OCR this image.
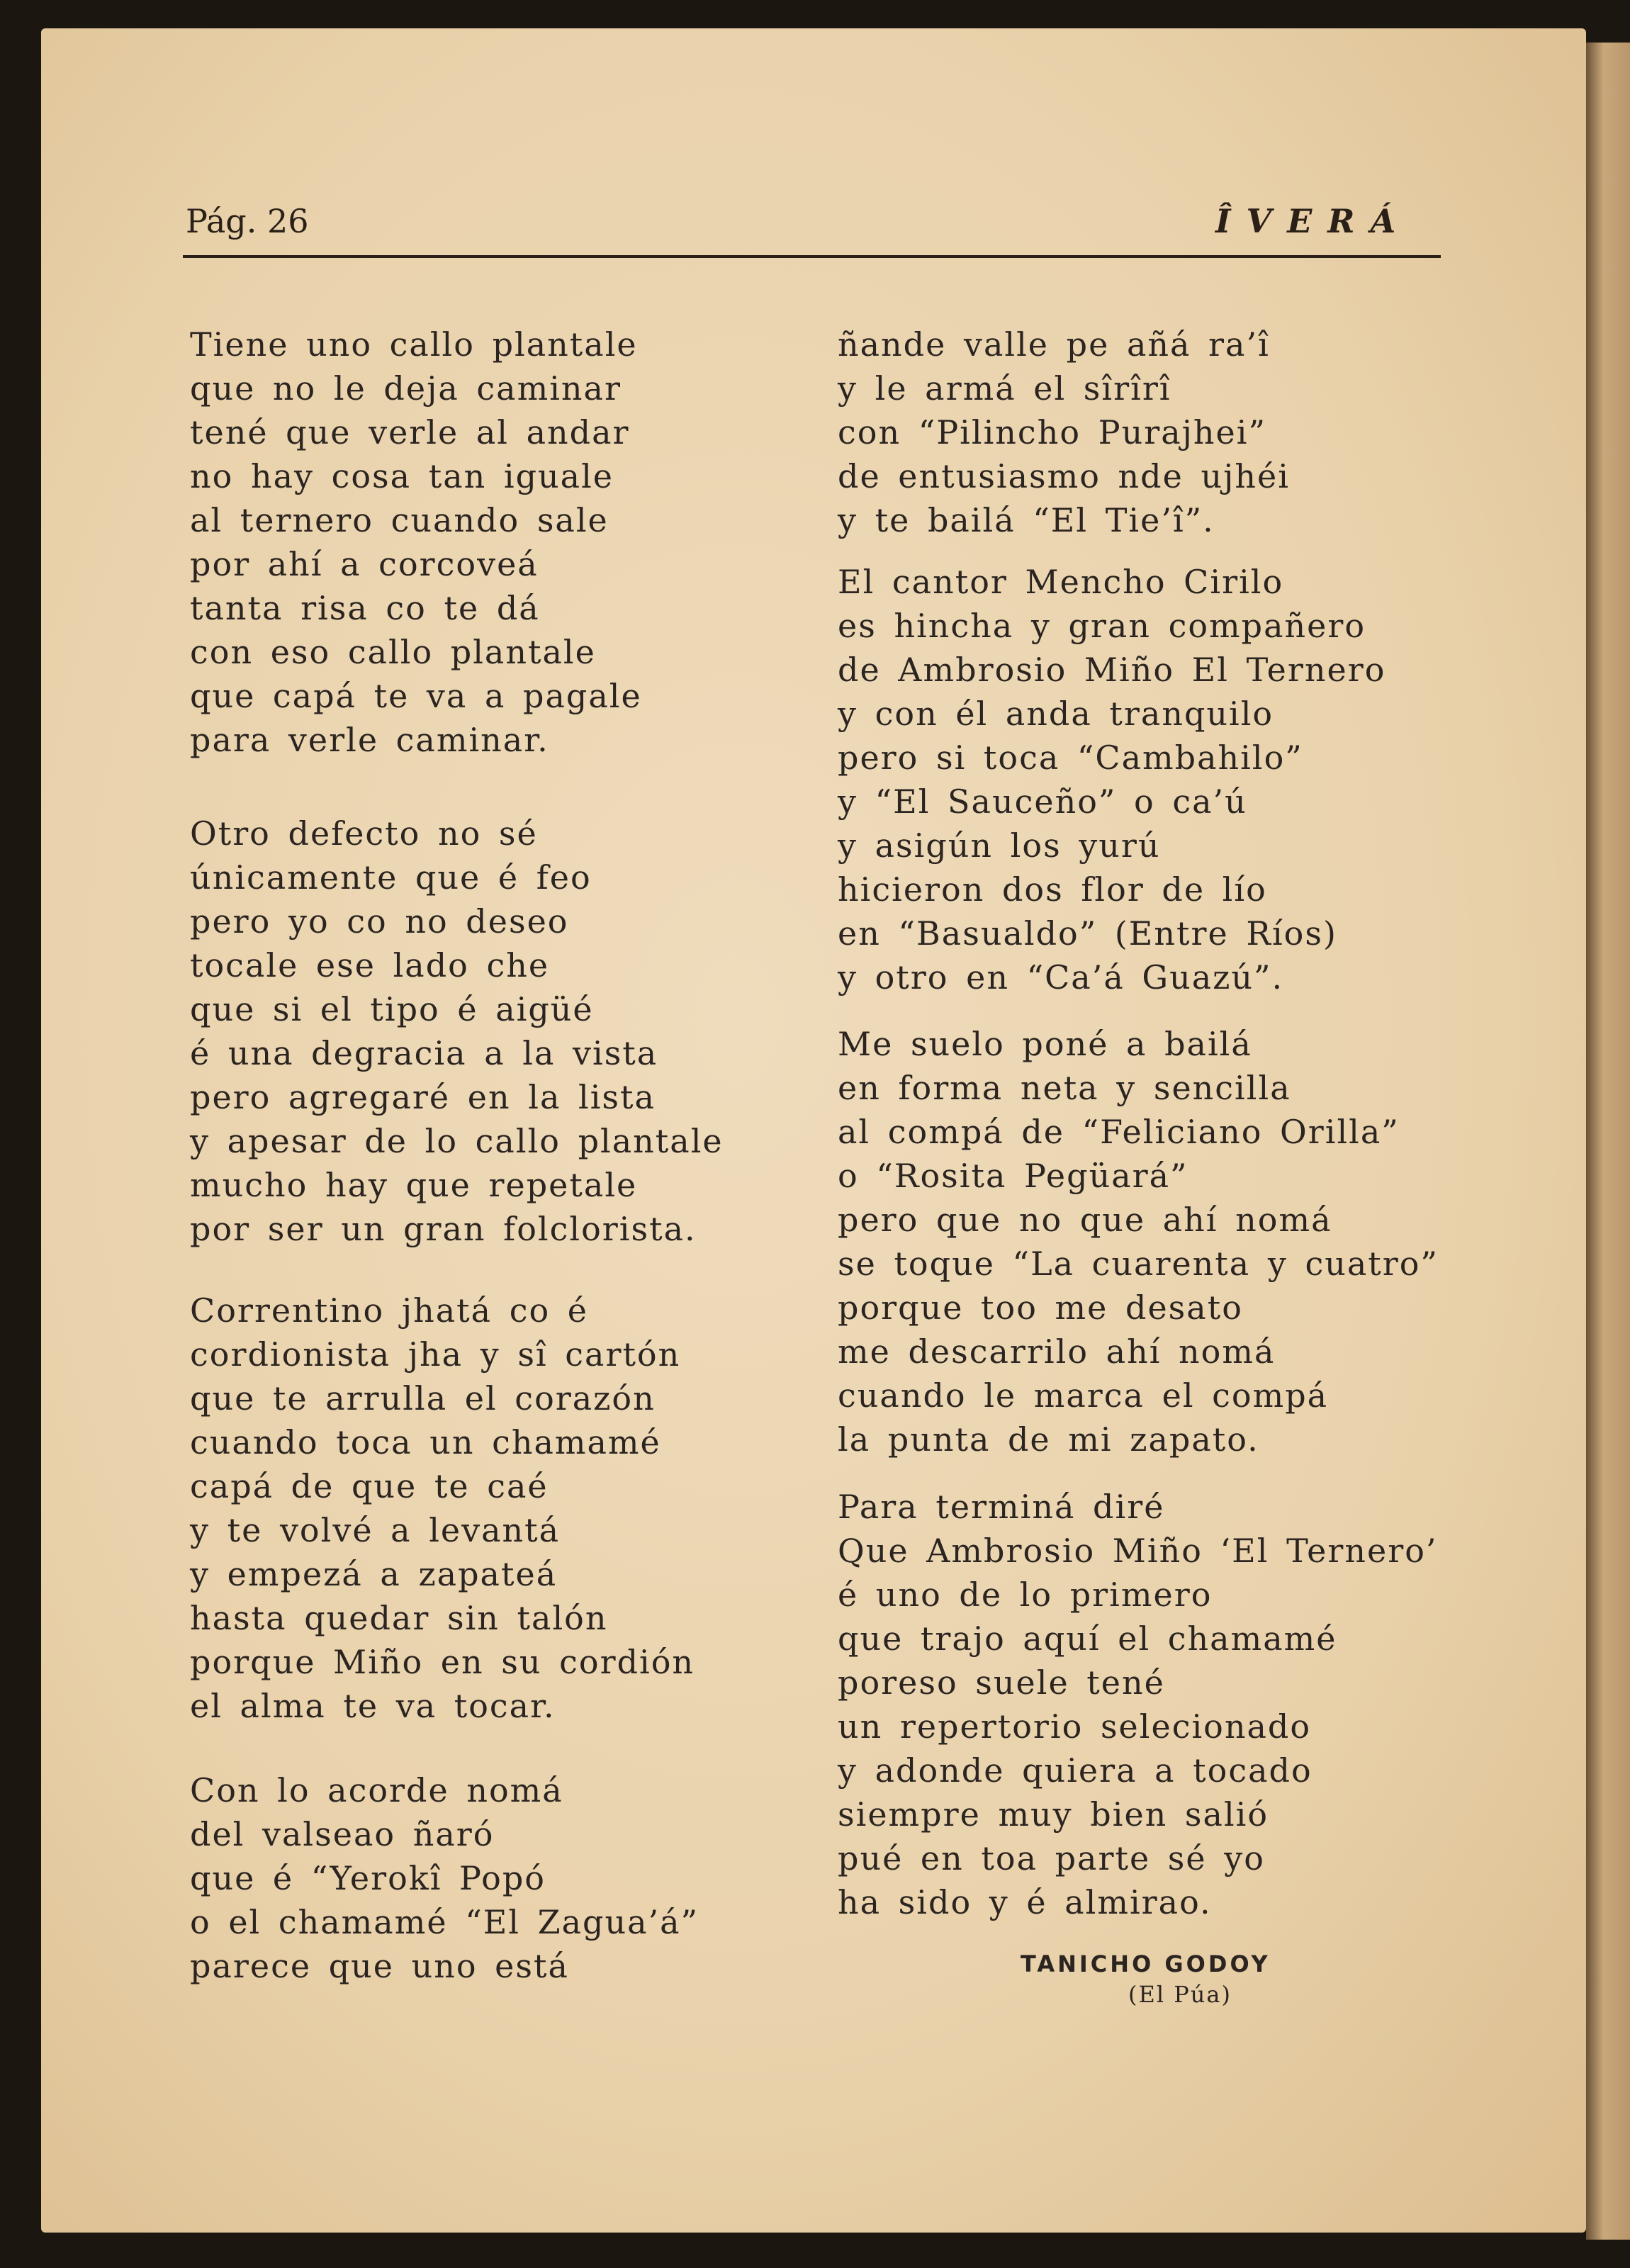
Pág. 26	ÎVERÁ
Tiene uno callo plantale
que no le deja caminar
tené que verle al andar
no hay cosa tan iguale
al ternero cuando sale
por ahí a corcoveá
tanta risa co te dá
con eso callo plantale
que capá te va a pagale
para verle caminar.
Otro defecto no sé
únicamente que é feo
pero yo co no deseo
tocale ese lado che
que si el tipo é aigüé
é una degracia a la vista
pero agregaré en la lista
y apesar de lo callo plantale
mucho hay que repetale
por ser un gran folclorista.
Correntino jhatá co é
cordionista jha y sî cartón
que te arrulla el corazón
cuando toca un chamamé
capá de que te caé
y te volvé a levantá
y empezá a zapateá
hasta quedar sin talón
porque Miño en su cordión
el alma te va tocar.
Con lo acorde nomá
del valseao ñaró
que é “Yerokî Popó
o el chamamé “El Zagua’á”
parece que uno está
ñande valle pe añá ra’î
y le armá el sîrîrî
con “Pilincho Purajhei”
de entusiasmo nde ujhéi
y te bailá “El Tie’î”.
El cantor Mencho Cirilo
es hincha y gran compañero
de Ambrosio Miño El Ternero
y con él anda tranquilo
pero si toca “Cambahilo”
y “El Sauceño” o ca’ú
y asigún los yurú
hicieron dos flor de lío
en “Basualdo” (Entre Ríos)
y otro en “Ca’á Guazú”.
Me suelo poné a bailá
en forma neta y sencilla
al compá de “Feliciano Orilla”
o “Rosita Pegüará”
pero que no que ahí nomá
se toque “La cuarenta y cuatro”
porque too me desato
me descarrilo ahí nomá
cuando le marca el compá
la punta de mi zapato.
Para terminá diré
Que Ambrosio Miño ‘El Ternero’
é uno de lo primero
que trajo aquí el chamamé
poreso suele tené
un repertorio selecionado
y adonde quiera a tocado
siempre muy bien salió
pué en toa parte sé yo
ha sido y é almirao.
TANICHO GODOY
(El Púa)
